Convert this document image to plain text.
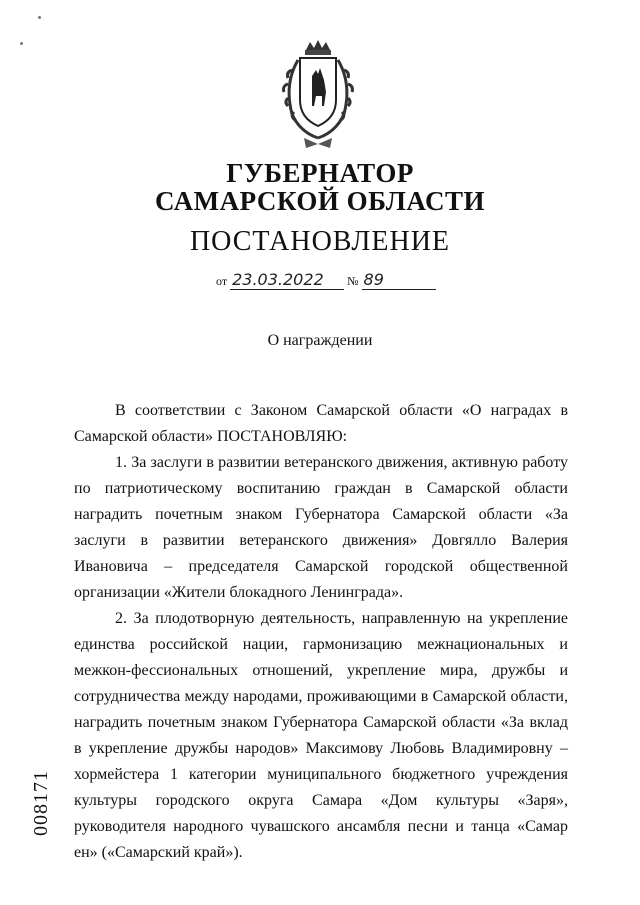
ГУБЕРНАТОР
САМАРСКОЙ ОБЛАСТИ
ПОСТАНОВЛЕНИЕ
от 23.03.2022 № 89
О награждении

В соответствии с Законом Самарской области «О наградах в Самарской области» ПОСТАНОВЛЯЮ:

1. За заслуги в развитии ветеранского движения, активную работу по патриотическому воспитанию граждан в Самарской области наградить почетным знаком Губернатора Самарской области «За заслуги в развитии ветеранского движения» Довгялло Валерия Ивановича – председателя Самарской городской общественной организации «Жители блокадного Ленинграда».

2. За плодотворную деятельность, направленную на укрепление единства российской нации, гармонизацию межнациональных и межкон-фессиональных отношений, укрепление мира, дружбы и сотрудничества между народами, проживающими в Самарской области, наградить почетным знаком Губернатора Самарской области «За вклад в укрепление дружбы народов» Максимову Любовь Владимировну – хормейстера 1 категории муниципального бюджетного учреждения культуры городского округа Самара «Дом культуры «Заря», руководителя народного чувашского ансамбля песни и танца «Самар ен» («Самарский край»).

008171
